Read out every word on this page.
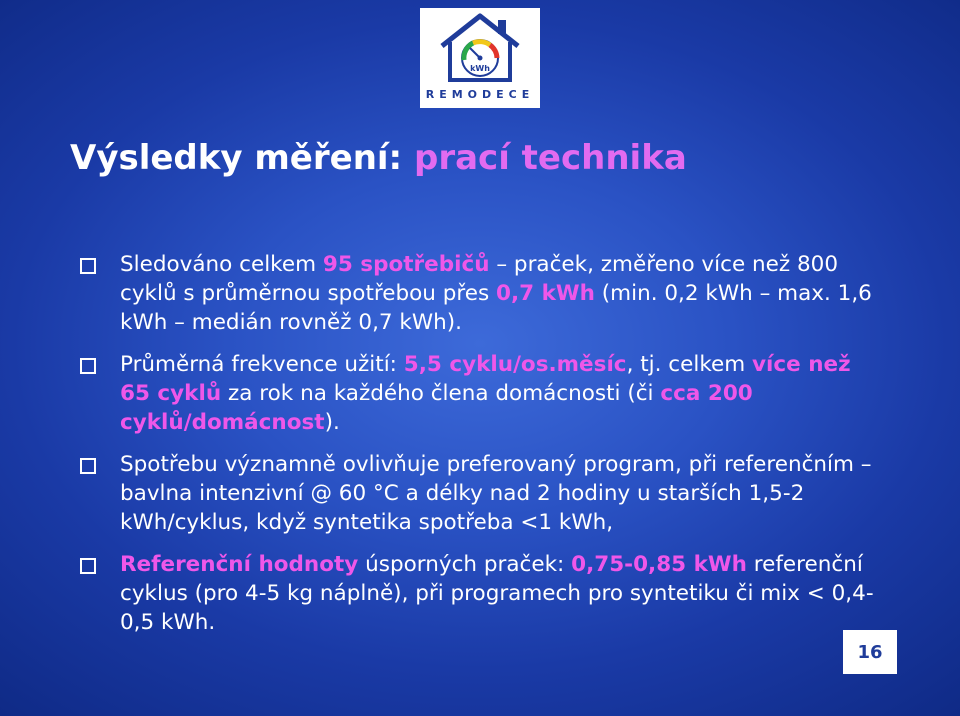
kWh
REMODECE
Výsledky měření: prací technika
Sledováno celkem 95 spotřebičů – praček, změřeno více než 800 cyklů s průměrnou spotřebou přes 0,7 kWh (min. 0,2 kWh – max. 1,6 kWh – medián rovněž 0,7 kWh).
Průměrná frekvence užití: 5,5 cyklu/os.měsíc, tj. celkem více než 65 cyklů za rok na každého člena domácnosti (či cca 200 cyklů/domácnost).
Spotřebu významně ovlivňuje preferovaný program, při referenčním – bavlna intenzivní @ 60 °C a délky nad 2 hodiny u starších 1,5-2 kWh/cyklus, když syntetika spotřeba <1 kWh,
Referenční hodnoty úsporných praček: 0,75-0,85 kWh referenční cyklus (pro 4-5 kg náplně), při programech pro syntetiku či mix < 0,4-0,5 kWh.
16
